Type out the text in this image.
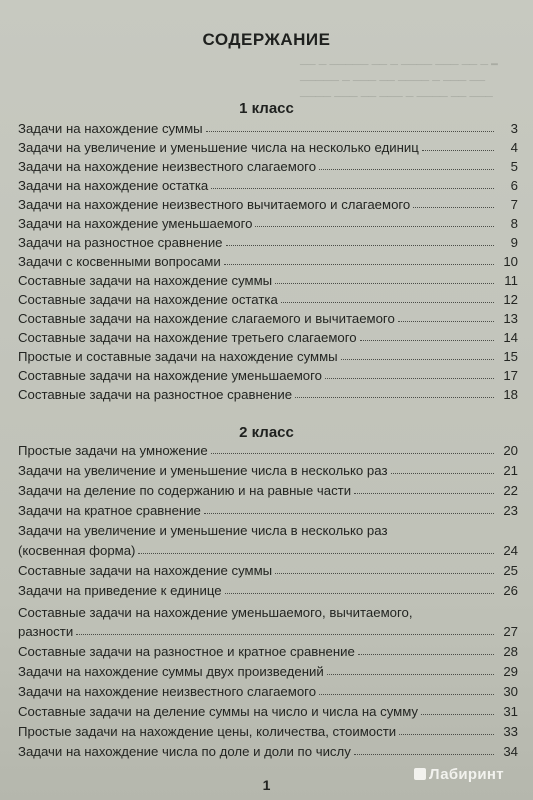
━ ─ ── ─── ──── ─ ── ───── ─ ──
── ─── ─ ──── ── ─── ─ ─────
─── ── ──── ─ ─── ── ─── ────
СОДЕРЖАНИЕ
1 класс
Задачи на нахождение суммы	3
Задачи на увеличение и уменьшение числа на несколько единиц	4
Задачи на нахождение неизвестного слагаемого	5
Задачи на нахождение остатка	6
Задачи на нахождение неизвестного вычитаемого и слагаемого	7
Задачи на нахождение уменьшаемого	8
Задачи на разностное сравнение	9
Задачи с косвенными вопросами	10
Составные задачи на нахождение суммы	11
Составные задачи на нахождение остатка	12
Составные задачи на нахождение слагаемого и вычитаемого	13
Составные задачи на нахождение третьего слагаемого	14
Простые и составные задачи на нахождение суммы	15
Составные задачи на нахождение уменьшаемого	17
Составные задачи на разностное сравнение	18
2 класс
Простые задачи на умножение	20
Задачи на увеличение и уменьшение числа в несколько раз	21
Задачи на деление по содержанию и на равные части	22
Задачи на кратное сравнение	23
Задачи на увеличение и уменьшение числа в несколько раз
(косвенная форма)	24
Составные задачи на нахождение суммы	25
Задачи на приведение к единице	26
Составные задачи на нахождение уменьшаемого, вычитаемого,
разности	27
Составные задачи на разностное и кратное сравнение	28
Задачи на нахождение суммы двух произведений	29
Задачи на нахождение неизвестного слагаемого	30
Составные задачи на деление суммы на число и числа на сумму	31
Простые задачи на нахождение цены, количества, стоимости	33
Задачи на нахождение числа по доле и доли по числу	34
1
Лабиринт
